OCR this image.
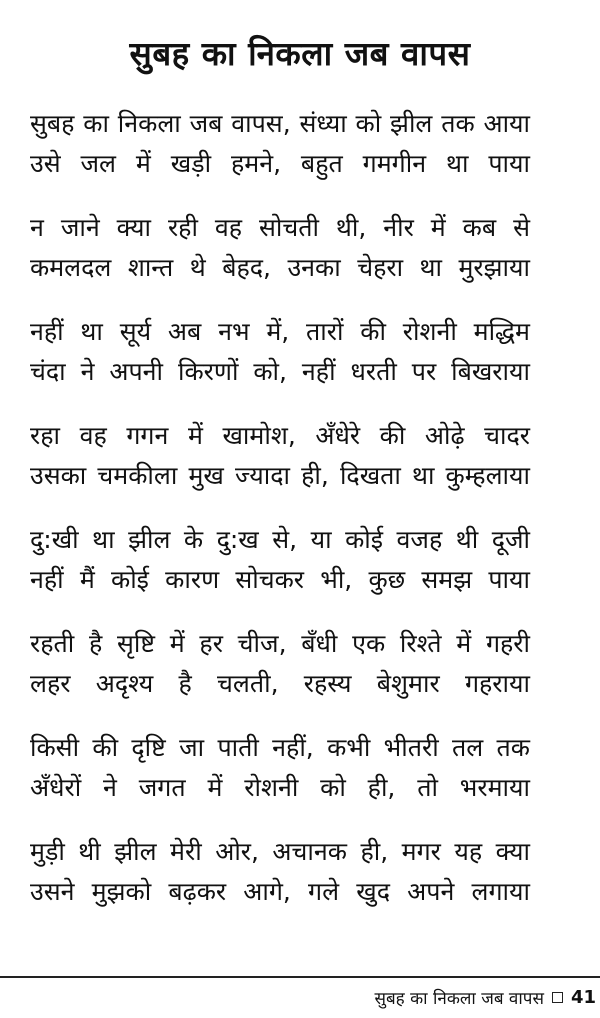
सुबह का निकला जब वापस
सुबह का निकला जब वापस, संध्या को झील तक आया
उसे जल में खड़ी हमने, बहुत गमगीन था पाया
न जाने क्या रही वह सोचती थी, नीर में कब से
कमलदल शान्त थे बेहद, उनका चेहरा था मुरझाया
नहीं था सूर्य अब नभ में, तारों की रोशनी मद्धिम
चंदा ने अपनी किरणों को, नहीं धरती पर बिखराया
रहा वह गगन में खामोश, अँधेरे की ओढ़े चादर
उसका चमकीला मुख ज्यादा ही, दिखता था कुम्हलाया
दु:खी था झील के दु:ख से, या कोई वजह थी दूजी
नहीं मैं कोई कारण सोचकर भी, कुछ समझ पाया
रहती है सृष्टि में हर चीज, बँधी एक रिश्ते में गहरी
लहर अदृश्य है चलती, रहस्य बेशुमार गहराया
किसी की दृष्टि जा पाती नहीं, कभी भीतरी तल तक
अँधेरों ने जगत में रोशनी को ही, तो भरमाया
मुड़ी थी झील मेरी ओर, अचानक ही, मगर यह क्या
उसने मुझको बढ़कर आगे, गले खुद अपने लगाया
सुबह का निकला जब वापस 41
